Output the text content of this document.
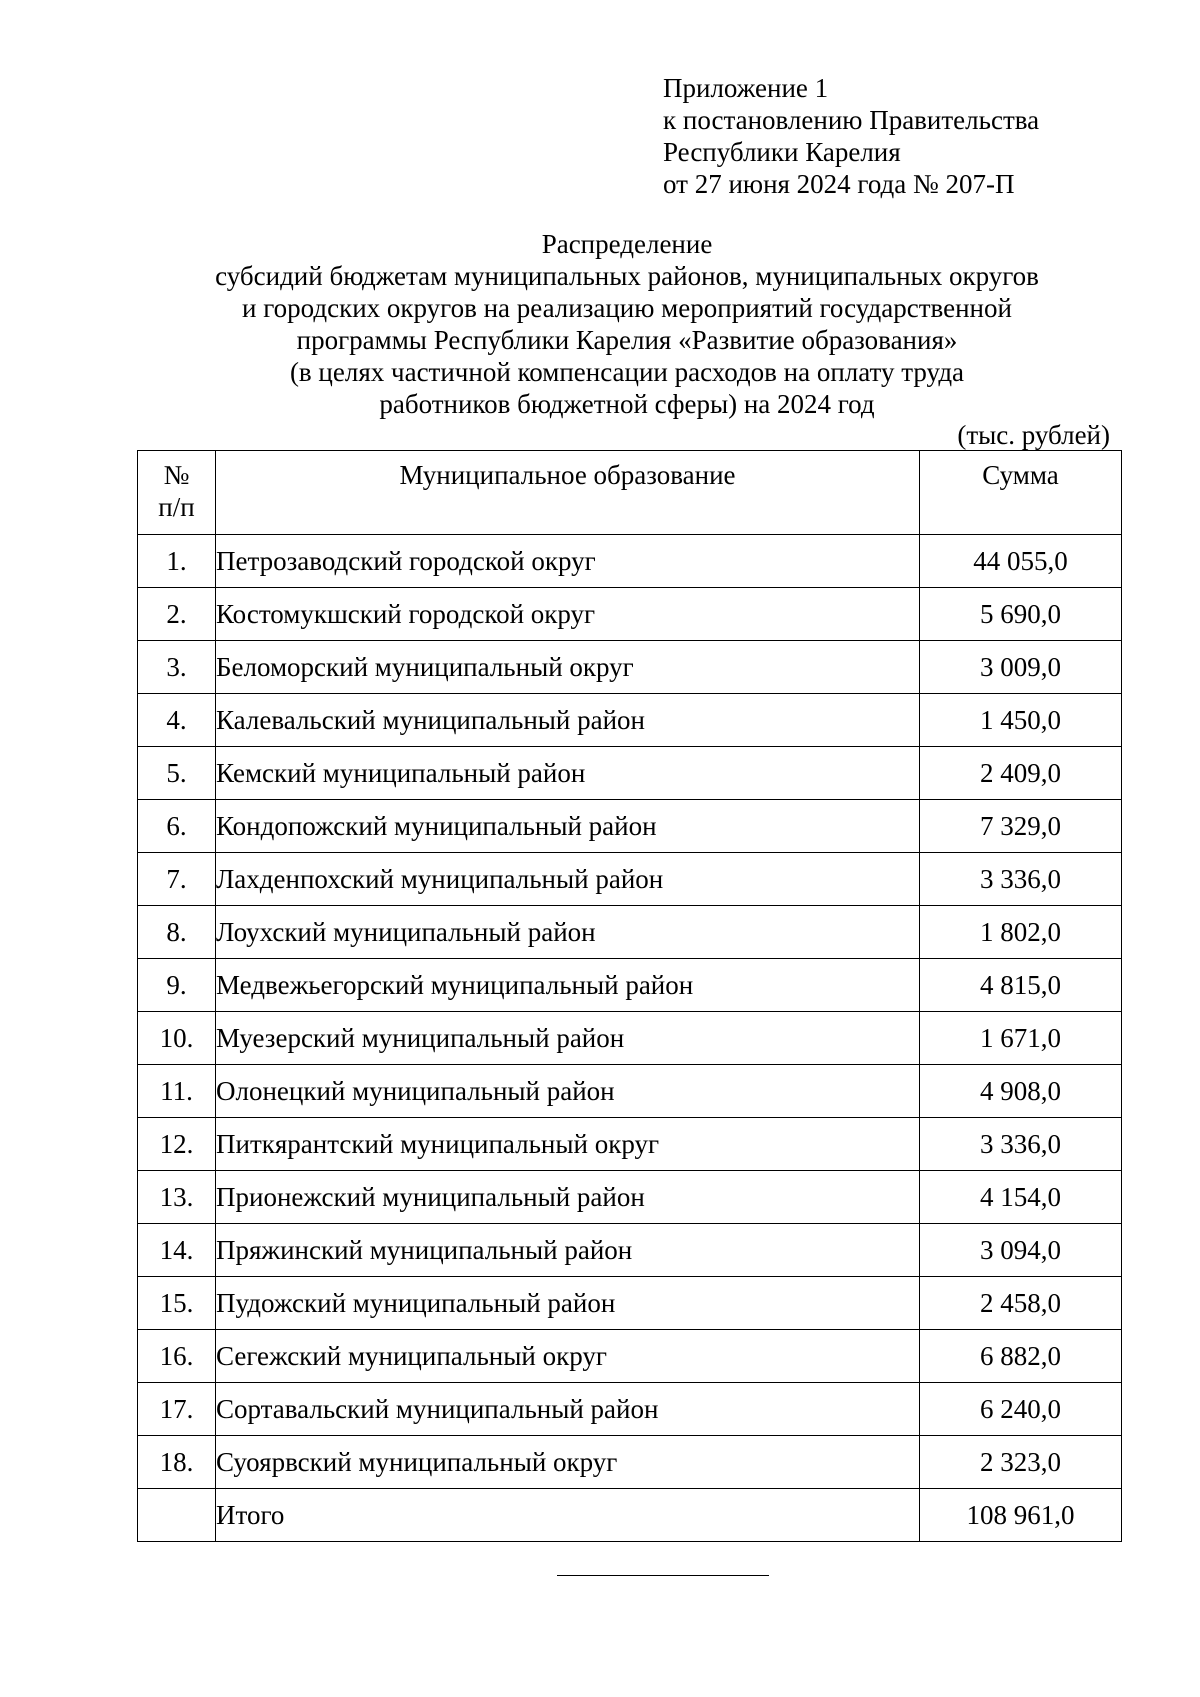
Приложение 1
к постановлению Правительства
Республики Карелия
от 27 июня 2024 года № 207-П
Распределение
субсидий бюджетам муниципальных районов, муниципальных округов
и городских округов на реализацию мероприятий государственной
программы Республики Карелия «Развитие образования»
(в целях частичной компенсации расходов на оплату труда
работников бюджетной сферы) на 2024 год
(тыс. рублей)
№
п/п	Муниципальное образование	Сумма
1.	Петрозаводский городской округ	44 055,0
2.	Костомукшский городской округ	5 690,0
3.	Беломорский муниципальный округ	3 009,0
4.	Калевальский муниципальный район	1 450,0
5.	Кемский муниципальный район	2 409,0
6.	Кондопожский муниципальный район	7 329,0
7.	Лахденпохский муниципальный район	3 336,0
8.	Лоухский муниципальный район	1 802,0
9.	Медвежьегорский муниципальный район	4 815,0
10.	Муезерский муниципальный район	1 671,0
11.	Олонецкий муниципальный район	4 908,0
12.	Питкярантский муниципальный округ	3 336,0
13.	Прионежский муниципальный район	4 154,0
14.	Пряжинский муниципальный район	3 094,0
15.	Пудожский муниципальный район	2 458,0
16.	Сегежский муниципальный округ	6 882,0
17.	Сортавальский муниципальный район	6 240,0
18.	Суоярвский муниципальный округ	2 323,0
	Итого	108 961,0
